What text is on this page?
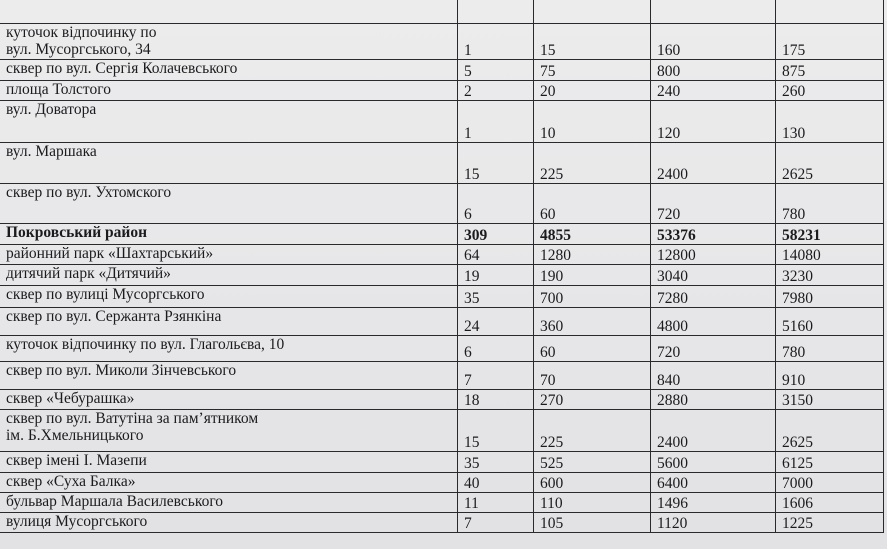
куточок відпочинку по
вул. Мусоргського, 34	1	15	160	175	

сквер по вул. Сергія Колачевського	5	75	800	875	

площа Толстого	2	20	240	260	

вул. Доватора	1	10	120	130	

вул. Маршака	15	225	2400	2625	

сквер по вул. Ухтомского	6	60	720	780	

Покровський район	309	4855	53376	58231	

районний парк «Шахтарський»	64	1280	12800	14080	

дитячий парк «Дитячий»	19	190	3040	3230	

сквер по вулиці Мусоргського	35	700	7280	7980	

сквер по вул. Сержанта Рзянкіна	24	360	4800	5160	

куточок відпочинку по вул. Глагольєва, 10	6	60	720	780	

сквер по вул. Миколи Зінчевського	7	70	840	910	

сквер «Чебурашка»	18	270	2880	3150	

сквер по вул. Ватутіна за пам’ятником
ім. Б.Хмельницького	15	225	2400	2625	

сквер імені І. Мазепи	35	525	5600	6125	

сквер «Суха Балка»	40	600	6400	7000	

бульвар Маршала Василевського	11	110	1496	1606	

вулиця Мусоргського	7	105	1120	1225	
